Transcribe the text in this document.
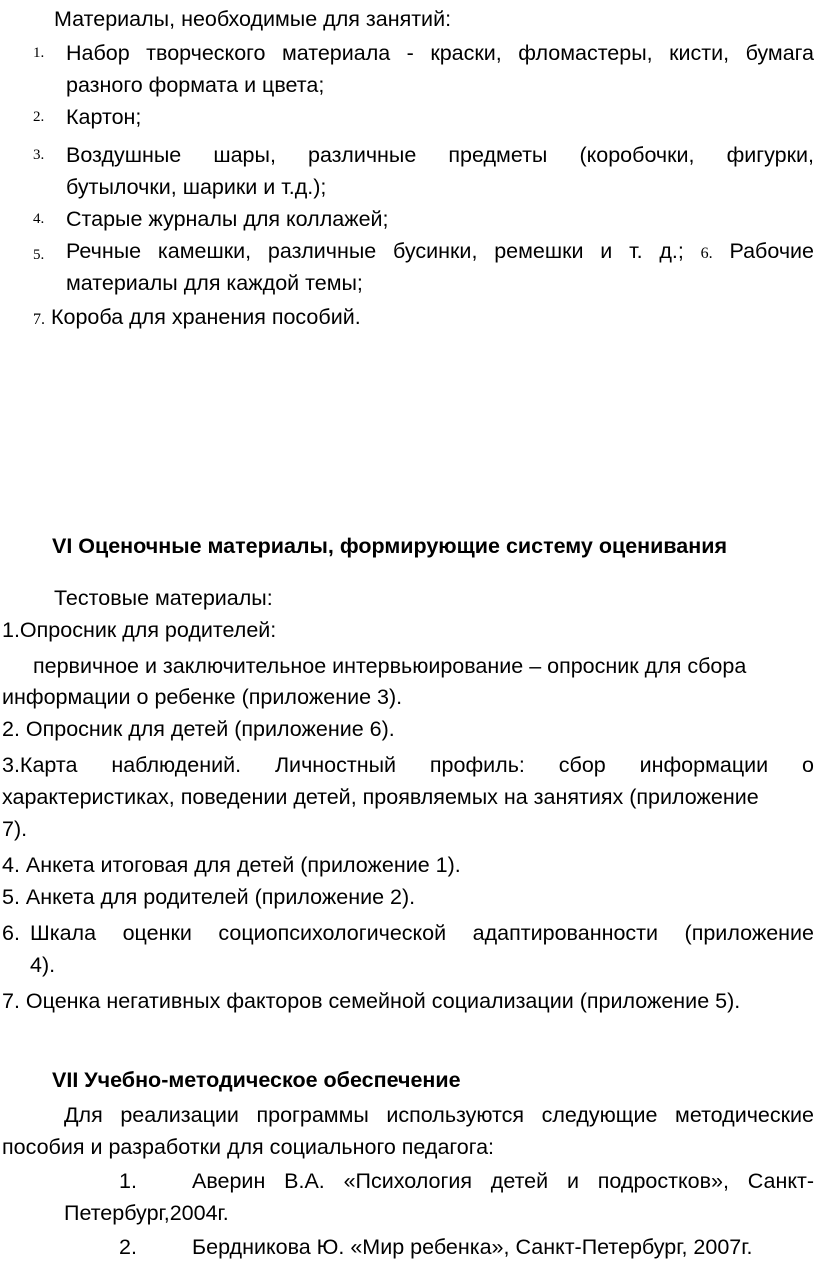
Материалы, необходимые для занятий:
1. Набор творческого материала - краски, фломастеры, кисти, бумага
разного формата и цвета;
2. Картон;
3. Воздушные шары, различные предметы (коробочки, фигурки,
бутылочки, шарики и т.д.);
4. Старые журналы для коллажей;
5. Речные камешки, различные бусинки, ремешки и т. д.; 6. Рабочие
материалы для каждой темы;
7. Короба для хранения пособий.
VI Оценочные материалы, формирующие систему оценивания
Тестовые материалы:
1.Опросник для родителей:
первичное и заключительное интервьюирование – опросник для сбора
информации о ребенке (приложение 3).
2. Опросник для детей (приложение 6).
3.Карта наблюдений. Личностный профиль: сбор информации о
характеристиках, поведении детей, проявляемых на занятиях (приложение
7).
4. Анкета итоговая для детей (приложение 1).
5. Анкета для родителей (приложение 2).
6. Шкала оценки социопсихологической адаптированности (приложение
4).
7. Оценка негативных факторов семейной социализации (приложение 5).
VII Учебно-методическое обеспечение
Для реализации программы используются следующие методические
пособия и разработки для социального педагога:
1.	Аверин В.А. «Психология детей и подростков», Санкт-
Петербург,2004г.
2.	Бердникова Ю. «Мир ребенка», Санкт-Петербург, 2007г.
